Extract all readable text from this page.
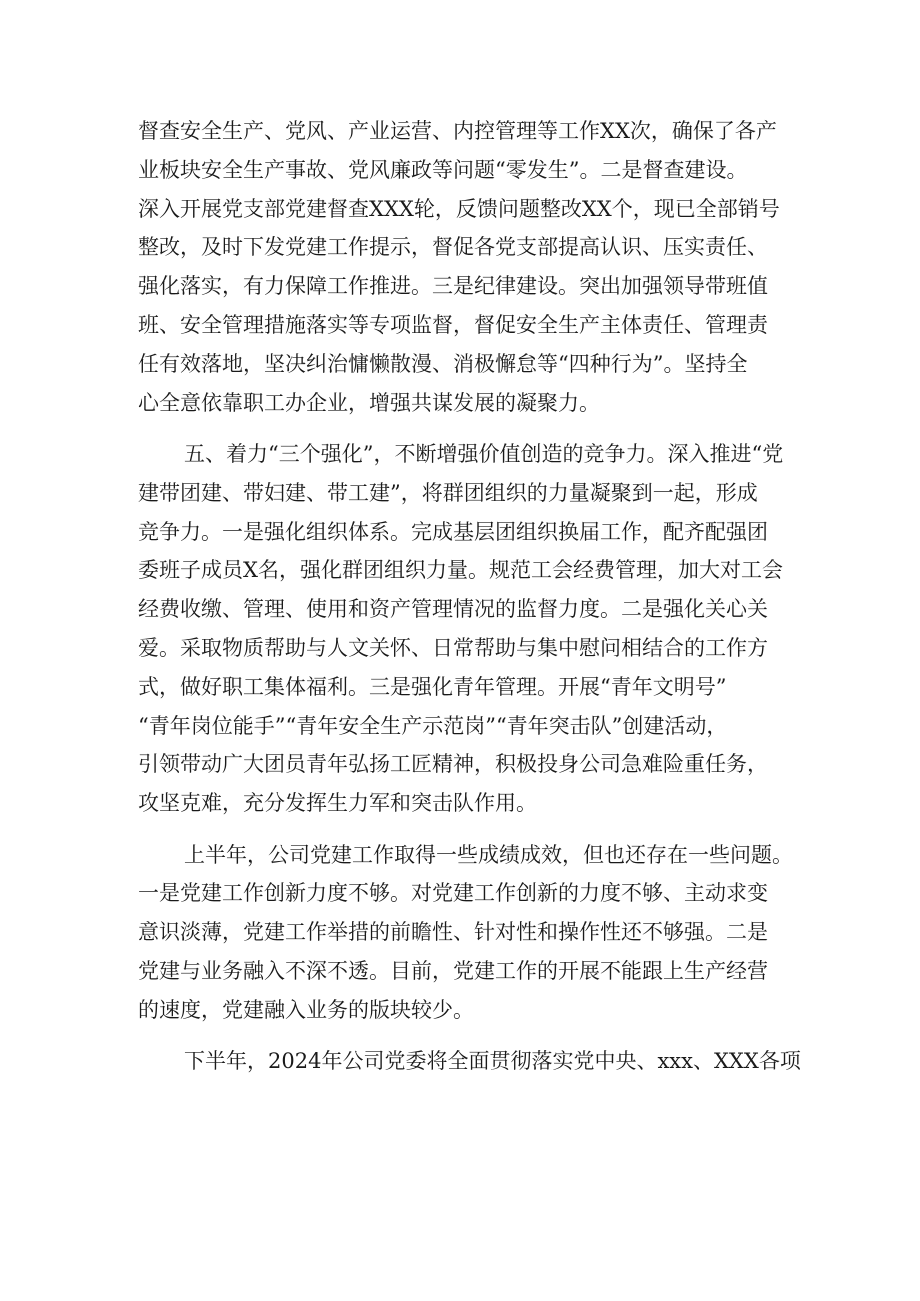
督查安全生产、党风、产业运营、内控管理等工作XX次，确保了各产
业板块安全生产事故、党风廉政等问题“零发生”。二是督查建设。
深入开展党支部党建督查XXX轮，反馈问题整改XX个，现已全部销号
整改，及时下发党建工作提示，督促各党支部提高认识、压实责任、
强化落实，有力保障工作推进。三是纪律建设。突出加强领导带班值
班、安全管理措施落实等专项监督，督促安全生产主体责任、管理责
任有效落地，坚决纠治慵懒散漫、消极懈怠等“四种行为”。坚持全
心全意依靠职工办企业，增强共谋发展的凝聚力。
五、着力“三个强化”，不断增强价值创造的竞争力。深入推进“党
建带团建、带妇建、带工建”，将群团组织的力量凝聚到一起，形成
竞争力。一是强化组织体系。完成基层团组织换届工作，配齐配强团
委班子成员X名，强化群团组织力量。规范工会经费管理，加大对工会
经费收缴、管理、使用和资产管理情况的监督力度。二是强化关心关
爱。采取物质帮助与人文关怀、日常帮助与集中慰问相结合的工作方
式，做好职工集体福利。三是强化青年管理。开展“青年文明号”
“青年岗位能手”“青年安全生产示范岗”“青年突击队”创建活动，
引领带动广大团员青年弘扬工匠精神，积极投身公司急难险重任务，
攻坚克难，充分发挥生力军和突击队作用。
上半年，公司党建工作取得一些成绩成效，但也还存在一些问题。
一是党建工作创新力度不够。对党建工作创新的力度不够、主动求变
意识淡薄，党建工作举措的前瞻性、针对性和操作性还不够强。二是
党建与业务融入不深不透。目前，党建工作的开展不能跟上生产经营
的速度，党建融入业务的版块较少。
下半年，2024年公司党委将全面贯彻落实党中央、xxx、XXX各项
